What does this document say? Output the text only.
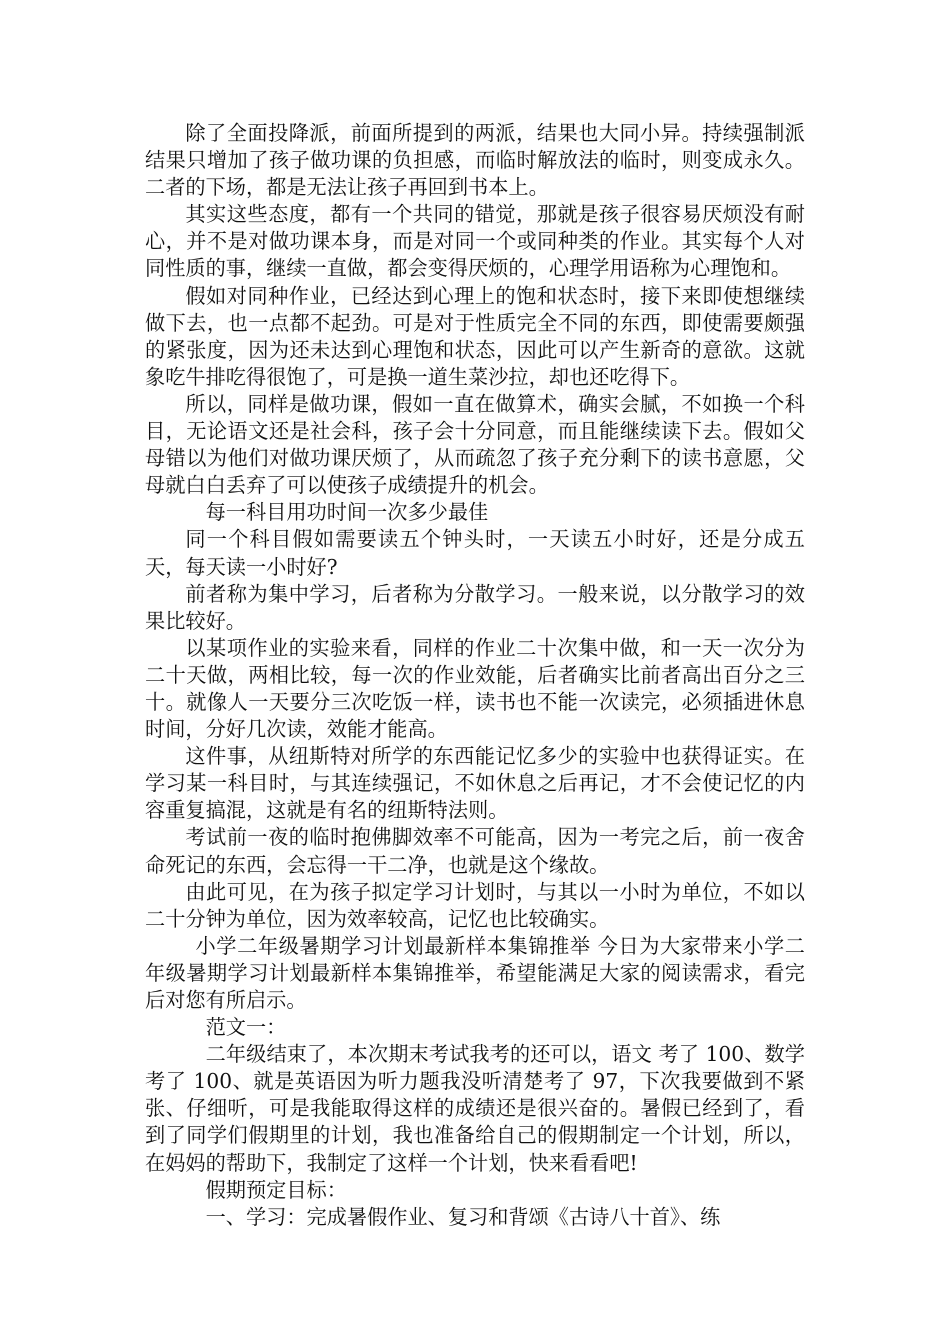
除了全面投降派，前面所提到的两派，结果也大同小异。持续强制派结果只增加了孩子做功课的负担感，而临时解放法的临时，则变成永久。二者的下场，都是无法让孩子再回到书本上。

其实这些态度，都有一个共同的错觉，那就是孩子很容易厌烦没有耐心，并不是对做功课本身，而是对同一个或同种类的作业。其实每个人对同性质的事，继续一直做，都会变得厌烦的，心理学用语称为心理饱和。

假如对同种作业，已经达到心理上的饱和状态时，接下来即使想继续做下去，也一点都不起劲。可是对于性质完全不同的东西，即使需要颇强的紧张度，因为还未达到心理饱和状态，因此可以产生新奇的意欲。这就象吃牛排吃得很饱了，可是换一道生菜沙拉，却也还吃得下。

所以，同样是做功课，假如一直在做算术，确实会腻，不如换一个科目，无论语文还是社会科，孩子会十分同意，而且能继续读下去。假如父母错以为他们对做功课厌烦了，从而疏忽了孩子充分剩下的读书意愿，父母就白白丢弃了可以使孩子成绩提升的机会。

每一科目用功时间一次多少最佳

同一个科目假如需要读五个钟头时，一天读五小时好，还是分成五天，每天读一小时好?

前者称为集中学习，后者称为分散学习。一般来说，以分散学习的效果比较好。

以某项作业的实验来看，同样的作业二十次集中做，和一天一次分为二十天做，两相比较，每一次的作业效能，后者确实比前者高出百分之三十。就像人一天要分三次吃饭一样，读书也不能一次读完，必须插进休息时间，分好几次读，效能才能高。

这件事，从纽斯特对所学的东西能记忆多少的实验中也获得证实。在学习某一科目时，与其连续强记，不如休息之后再记，才不会使记忆的内容重复搞混，这就是有名的纽斯特法则。

考试前一夜的临时抱佛脚效率不可能高，因为一考完之后，前一夜舍命死记的东西，会忘得一干二净，也就是这个缘故。

由此可见，在为孩子拟定学习计划时，与其以一小时为单位，不如以二十分钟为单位，因为效率较高，记忆也比较确实。

小学二年级暑期学习计划最新样本集锦推举 今日为大家带来小学二年级暑期学习计划最新样本集锦推举，希望能满足大家的阅读需求，看完后对您有所启示。

范文一：

二年级结束了，本次期末考试我考的还可以，语文 考了 100、数学考了 100、就是英语因为听力题我没听清楚考了 97，下次我要做到不紧张、仔细听，可是我能取得这样的成绩还是很兴奋的。暑假已经到了，看到了同学们假期里的计划，我也准备给自己的假期制定一个计划，所以，在妈妈的帮助下，我制定了这样一个计划，快来看看吧!

假期预定目标：

一、学习：完成暑假作业、复习和背颂《古诗八十首》、练
